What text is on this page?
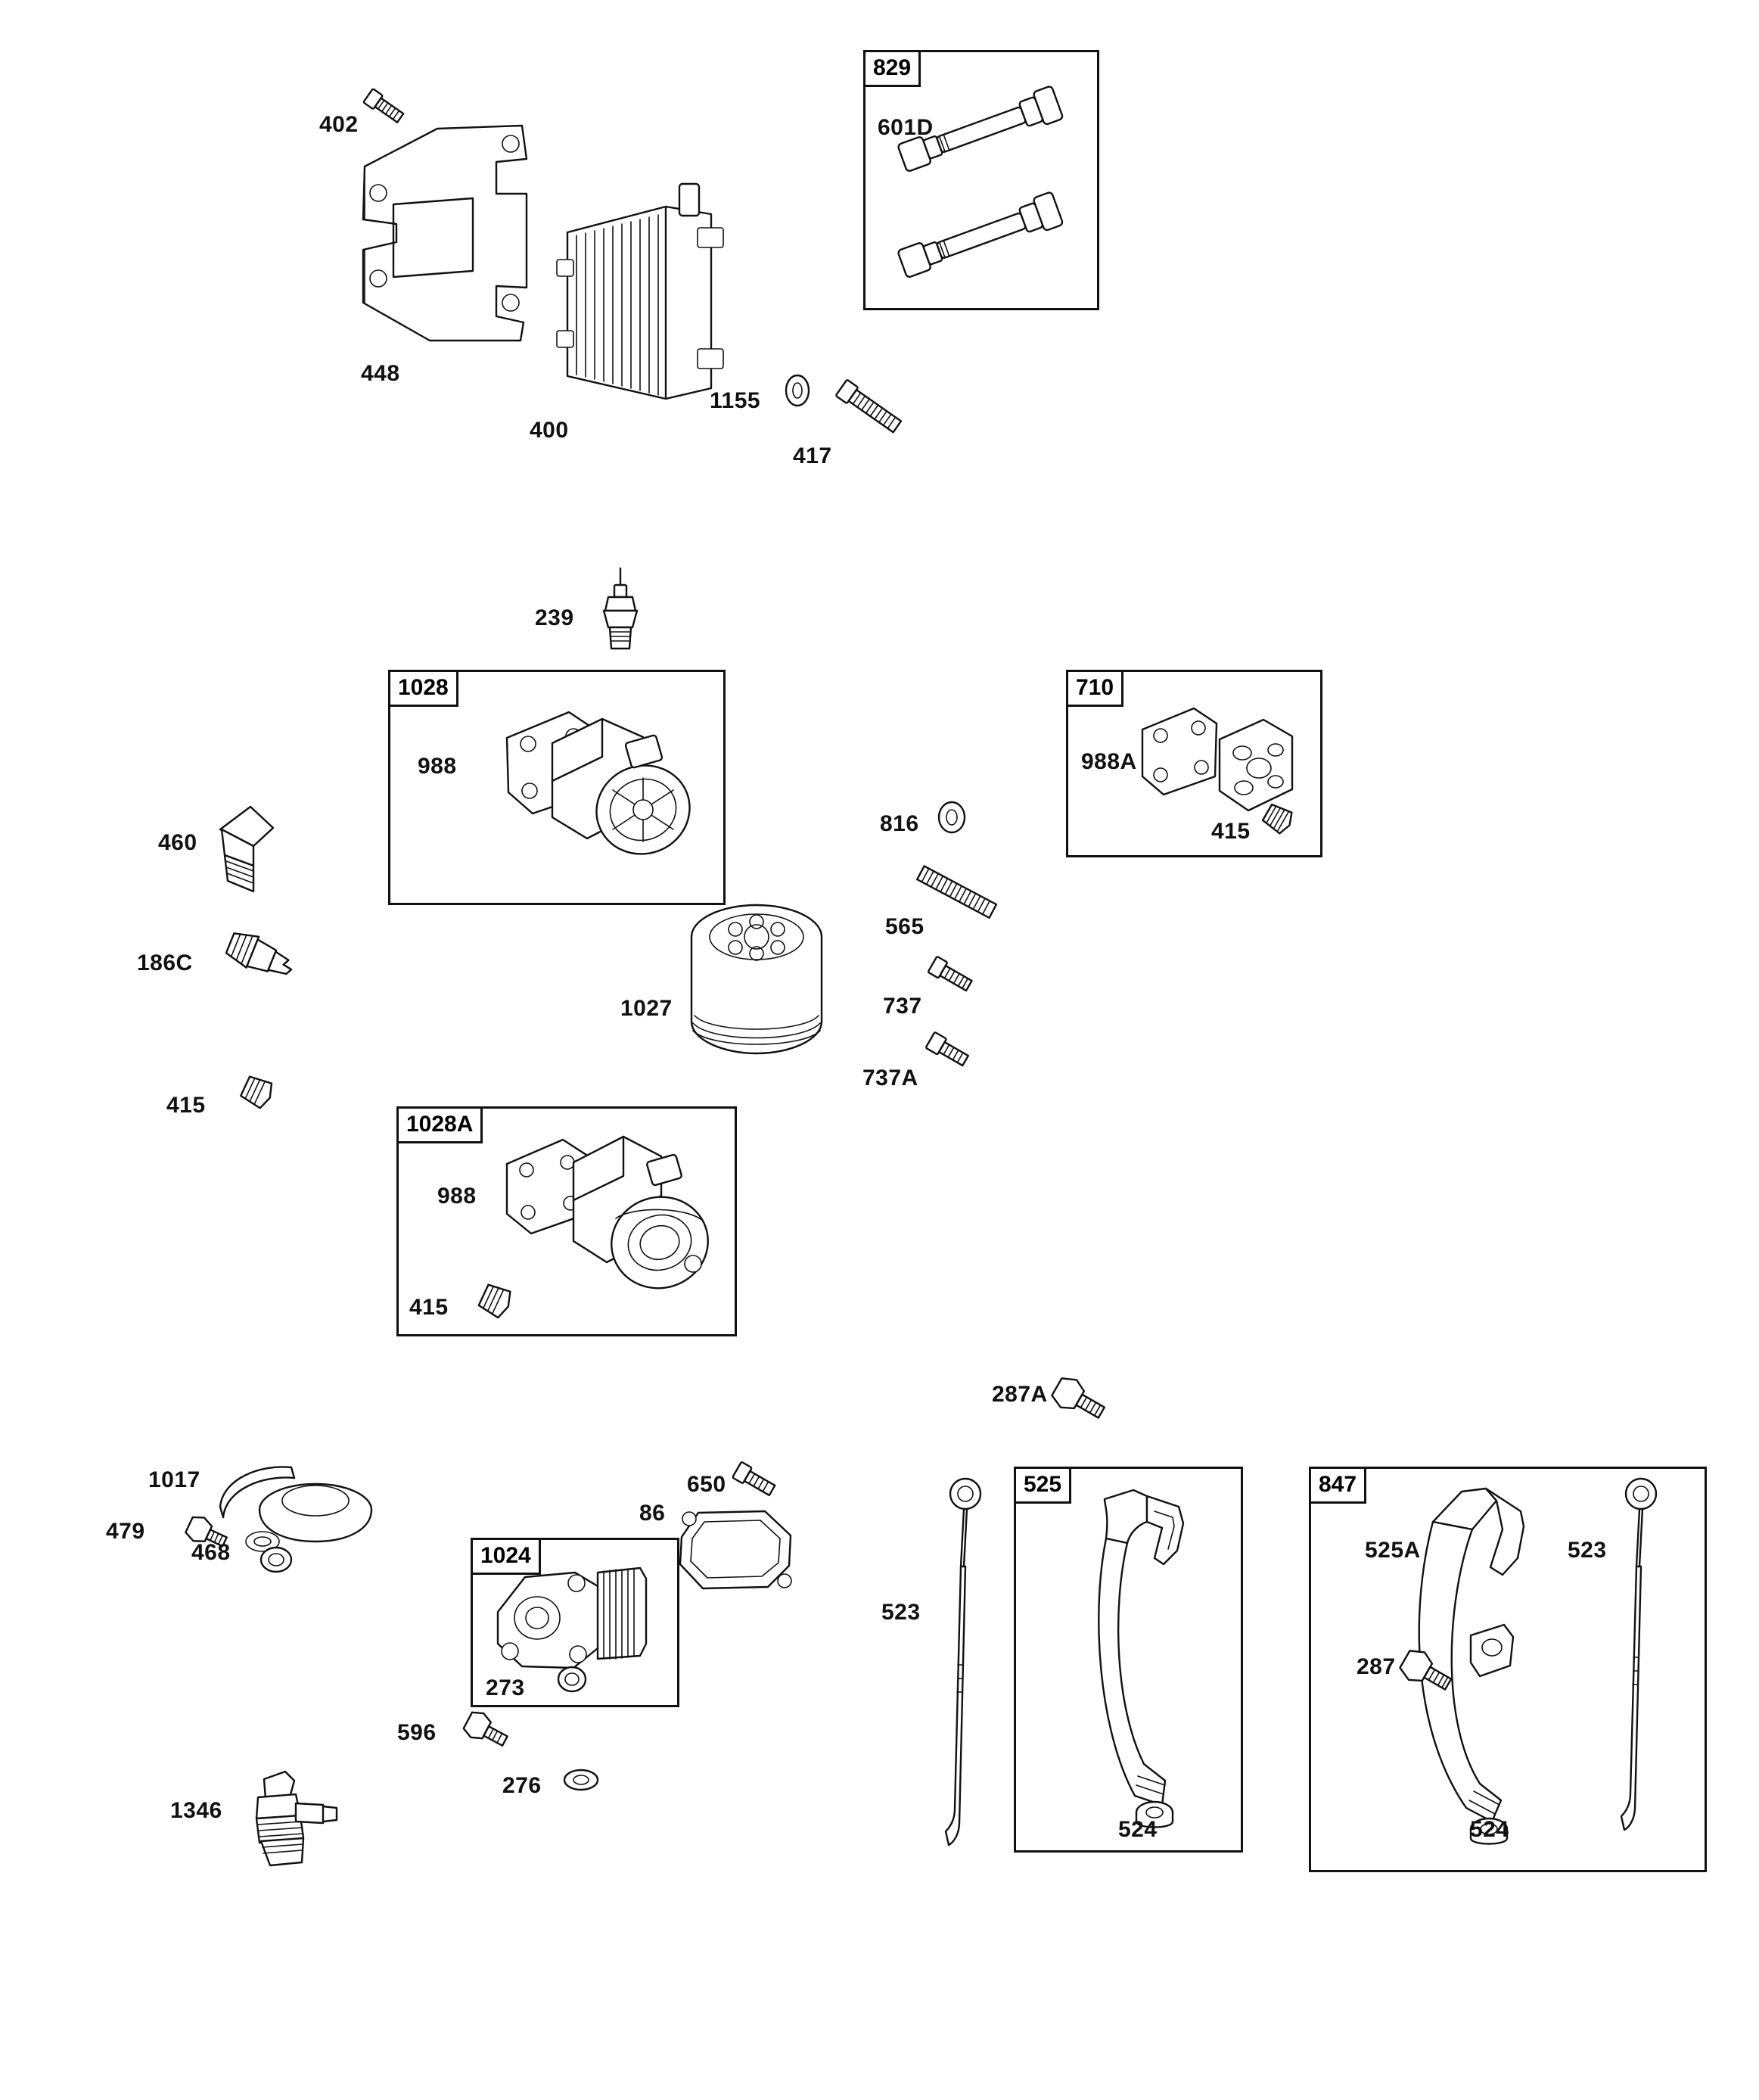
829
1028	710
1028A
1024
525	847
402
448
400
1155
417
601D
239
988	988A
415
460
186C
415
816
565
1027	737
737A
988
415
287A
1017
479
468
650
86
273
596
276
1346
523
524
525A	523
287
524
